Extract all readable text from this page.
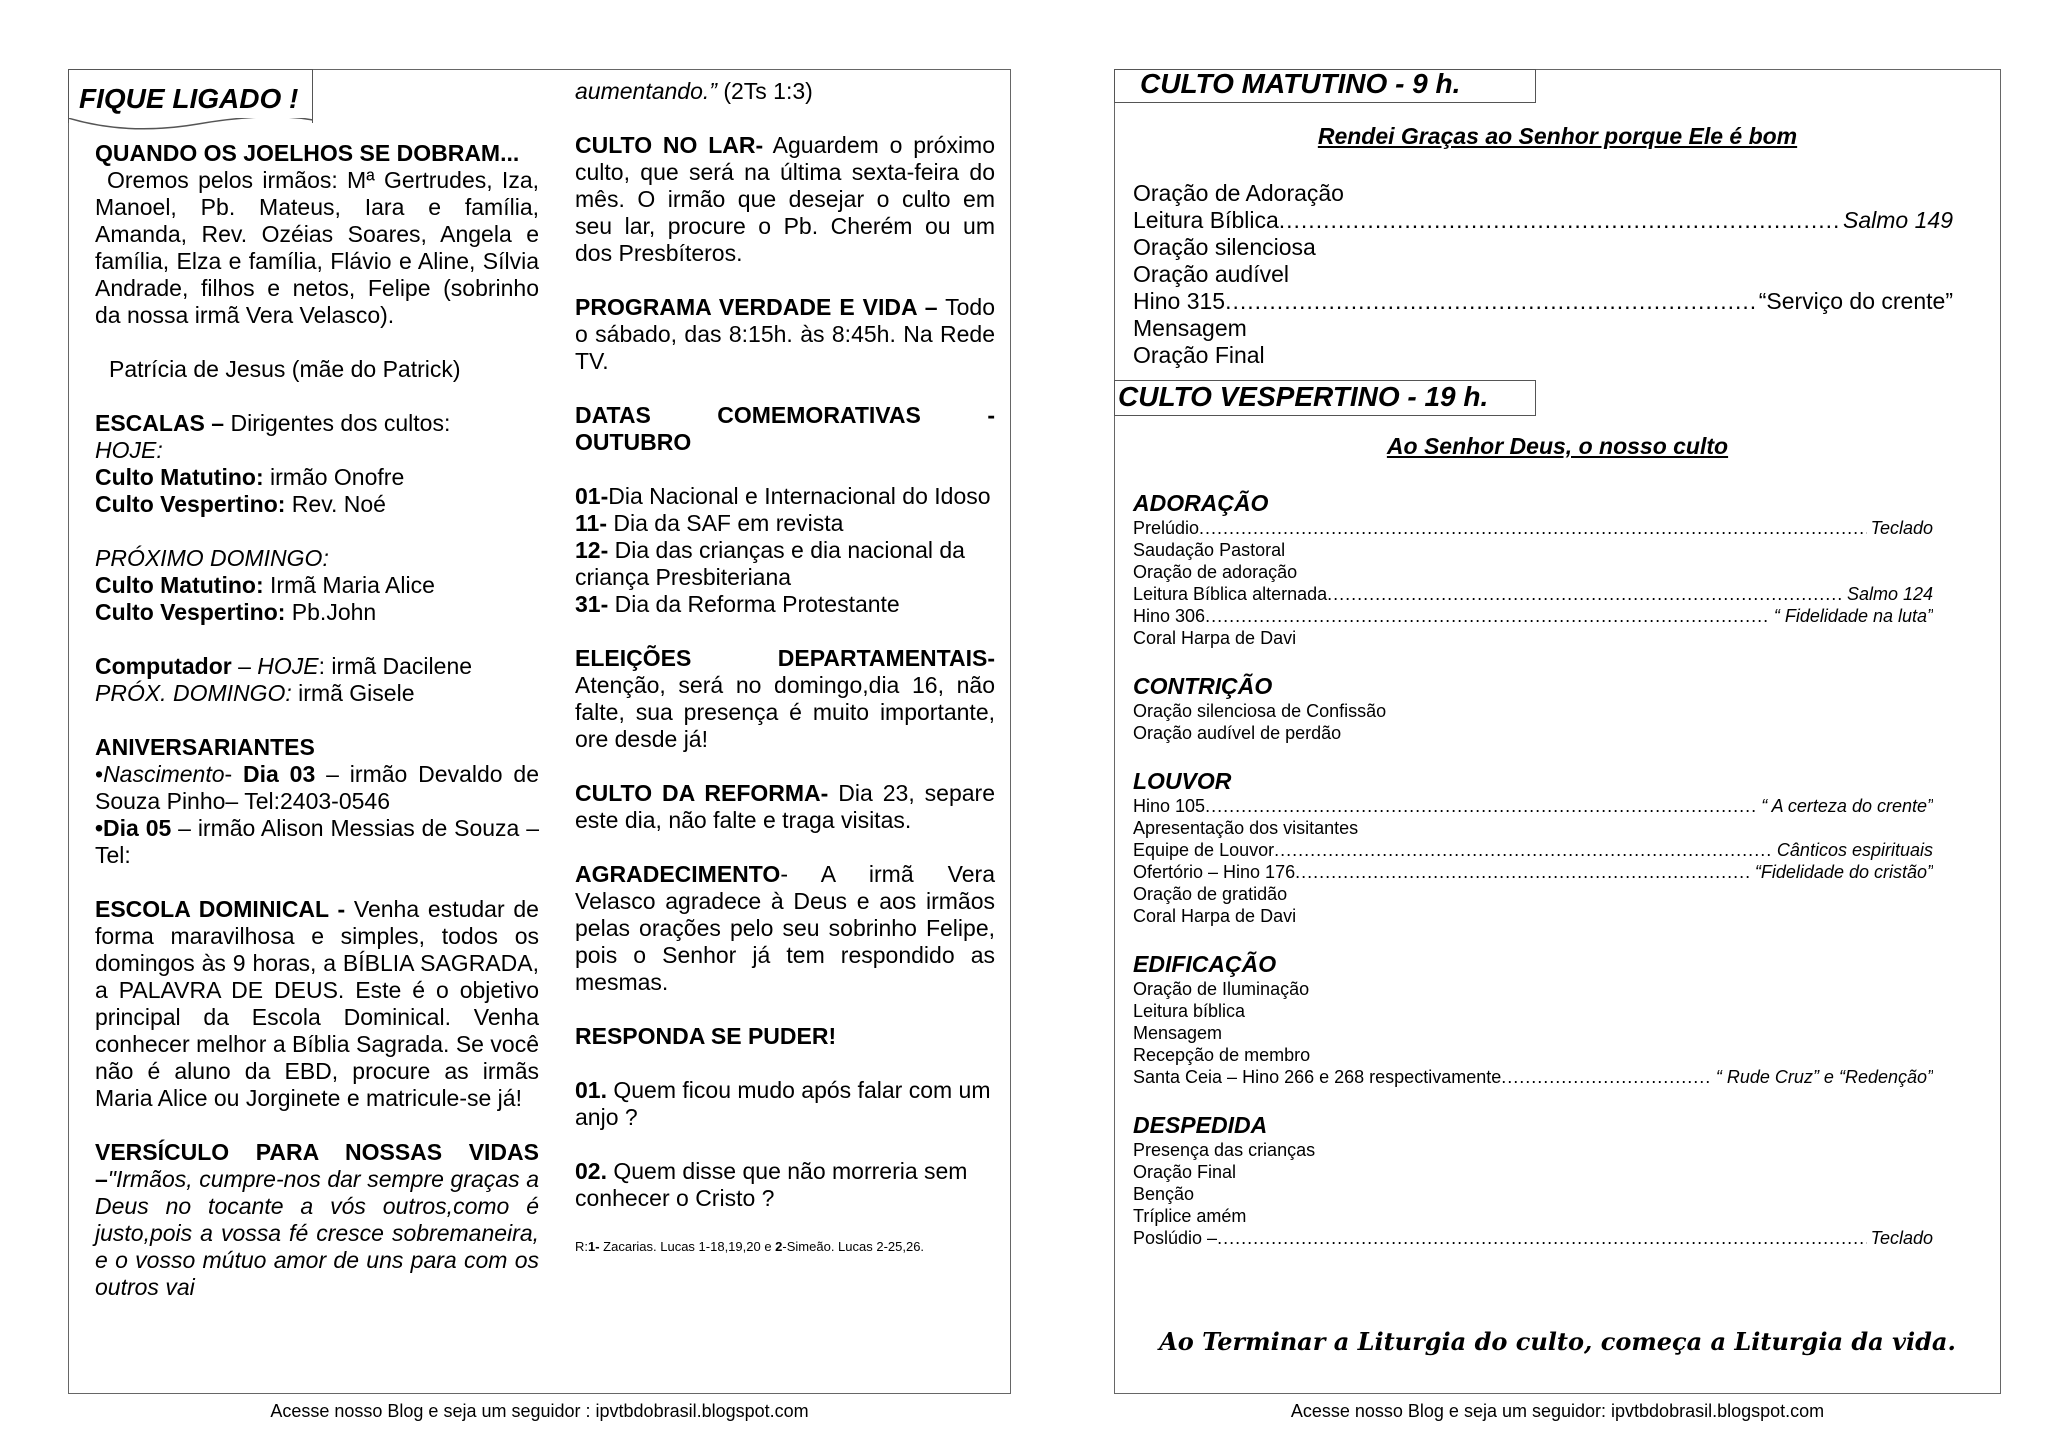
FIQUE LIGADO !

QUANDO OS JOELHOS SE DOBRAM...

Oremos pelos irmãos: Mª Gertrudes, Iza, Manoel, Pb. Mateus, Iara e família, Amanda, Rev. Ozéias Soares, Angela e família, Elza e família, Flávio e Aline, Sílvia Andrade, filhos e netos, Felipe (sobrinho da nossa irmã Vera Velasco).

Patrícia de Jesus (mãe do Patrick)

ESCALAS – Dirigentes dos cultos:

HOJE:

Culto Matutino: irmão Onofre

Culto Vespertino: Rev. Noé

PRÓXIMO DOMINGO:

Culto Matutino: Irmã Maria Alice

Culto Vespertino: Pb.John

Computador – HOJE: irmã Dacilene

PRÓX. DOMINGO: irmã Gisele

ANIVERSARIANTES

•Nascimento- Dia 03 – irmão Devaldo de Souza Pinho– Tel:2403-0546

•Dia 05 – irmão Alison Messias de Souza – Tel:

ESCOLA DOMINICAL - Venha estudar de forma maravilhosa e simples, todos os domingos às 9 horas, a BÍBLIA SAGRADA, a PALAVRA DE DEUS. Este é o objetivo principal da Escola Dominical. Venha conhecer melhor a Bíblia Sagrada. Se você não é aluno da EBD, procure as irmãs Maria Alice ou Jorginete e matricule-se já!

VERSÍCULO PARA NOSSAS VIDAS –"Irmãos, cumpre-nos dar sempre graças a Deus no tocante a vós outros,como é justo,pois a vossa fé cresce sobremaneira, e o vosso mútuo amor de uns para com os outros vai

aumentando.” (2Ts 1:3)

CULTO NO LAR- Aguardem o próximo culto, que será na última sexta-feira do mês. O irmão que desejar o culto em seu lar, procure o Pb. Cherém ou um dos Presbíteros.

PROGRAMA VERDADE E VIDA – Todo o sábado, das 8:15h. às 8:45h. Na Rede TV.

DATAS COMEMORATIVAS - OUTUBRO

01-Dia Nacional e Internacional do Idoso

11- Dia da SAF em revista

12- Dia das crianças e dia nacional da criança Presbiteriana

31- Dia da Reforma Protestante

ELEIÇÕES DEPARTAMENTAIS- Atenção, será no domingo,dia 16, não falte, sua presença é muito importante, ore desde já!

CULTO DA REFORMA- Dia 23, separe este dia, não falte e traga visitas.

AGRADECIMENTO- A irmã Vera Velasco agradece à Deus e aos irmãos pelas orações pelo seu sobrinho Felipe, pois o Senhor já tem respondido as mesmas.

RESPONDA SE PUDER!

01. Quem ficou mudo após falar com um anjo ?

02. Quem disse que não morreria sem conhecer o Cristo ?

R:1- Zacarias. Lucas 1-18,19,20 e 2-Simeão. Lucas 2-25,26.

Acesse nosso Blog e seja um seguidor : ipvtbdobrasil.blogspot.com
CULTO MATUTINO - 9 h.
Rendei Graças ao Senhor porque Ele é bom
Oração de Adoração
Leitura Bíblica .....	Salmo 149
Oração silenciosa
Oração audível
Hino 315 .....	“Serviço do crente”
Mensagem
Oração Final
CULTO VESPERTINO - 19 h.
Ao Senhor Deus, o nosso culto
ADORAÇÃO
Prelúdio .....	Teclado
Saudação Pastoral
Oração de adoração
Leitura Bíblica alternada .....	Salmo 124
Hino 306 .....	“ Fidelidade na luta”
Coral Harpa de Davi
CONTRIÇÃO
Oração silenciosa de Confissão
Oração audível de perdão
LOUVOR
Hino 105 .....	“ A certeza do crente”
Apresentação dos visitantes
Equipe de Louvor .....	Cânticos espirituais
Ofertório – Hino 176 .....	“Fidelidade do cristão”
Oração de gratidão
Coral Harpa de Davi
EDIFICAÇÃO
Oração de Iluminação
Leitura bíblica
Mensagem
Recepção de membro
Santa Ceia – Hino 266 e 268 respectivamente .....	“ Rude Cruz” e “Redenção”
DESPEDIDA
Presença das crianças
Oração Final
Benção
Tríplice amém
Poslúdio – .....	Teclado
Ao Terminar a Liturgia do culto, começa a Liturgia da vida.
Acesse nosso Blog e seja um seguidor: ipvtbdobrasil.blogspot.com
